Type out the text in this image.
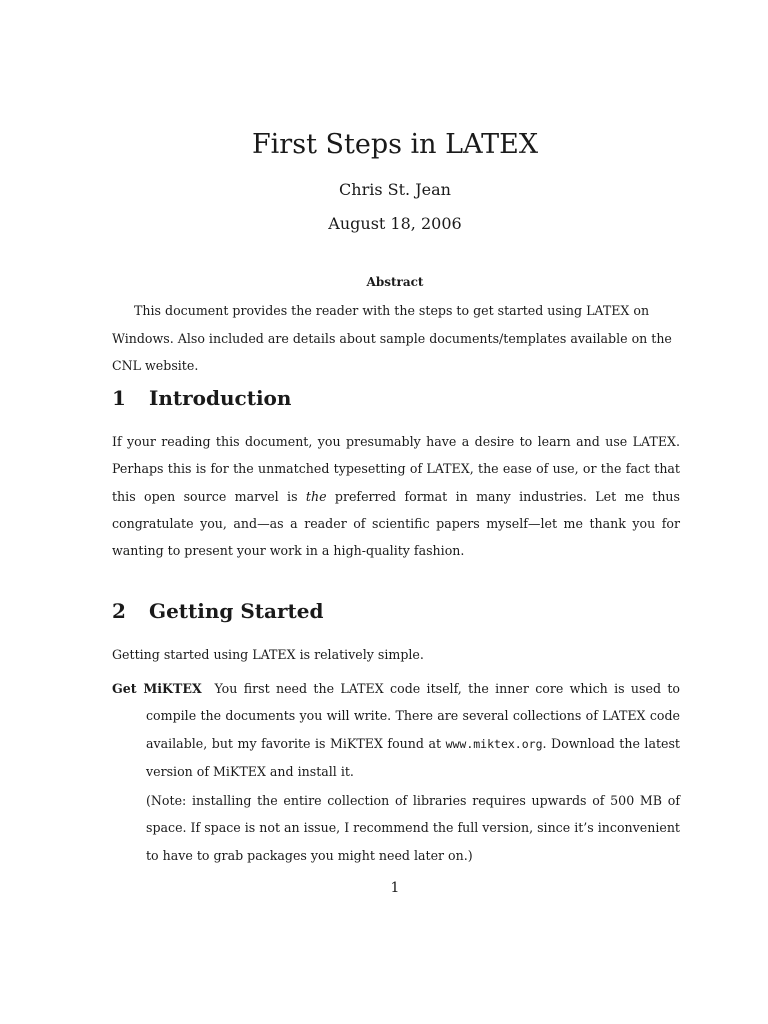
First Steps in LATEX
Chris St. Jean
August 18, 2006
Abstract
This document provides the reader with the steps to get started using LATEX on Windows. Also included are details about sample documents/templates available on the CNL website.
1 Introduction
If your reading this document, you presumably have a desire to learn and use LATEX. Perhaps this is for the unmatched typesetting of LATEX, the ease of use, or the fact that this open source marvel is the preferred format in many industries. Let me thus congratulate you, and—as a reader of scientific papers myself—let me thank you for wanting to present your work in a high-quality fashion.
2 Getting Started
Getting started using LATEX is relatively simple.
Get MiKTEX You first need the LATEX code itself, the inner core which is used to compile the documents you will write. There are several collections of LATEX code available, but my favorite is MiKTEX found at www.miktex.org. Download the latest version of MiKTEX and install it.
(Note: installing the entire collection of libraries requires upwards of 500 MB of space. If space is not an issue, I recommend the full version, since it’s inconvenient to have to grab packages you might need later on.)
1
